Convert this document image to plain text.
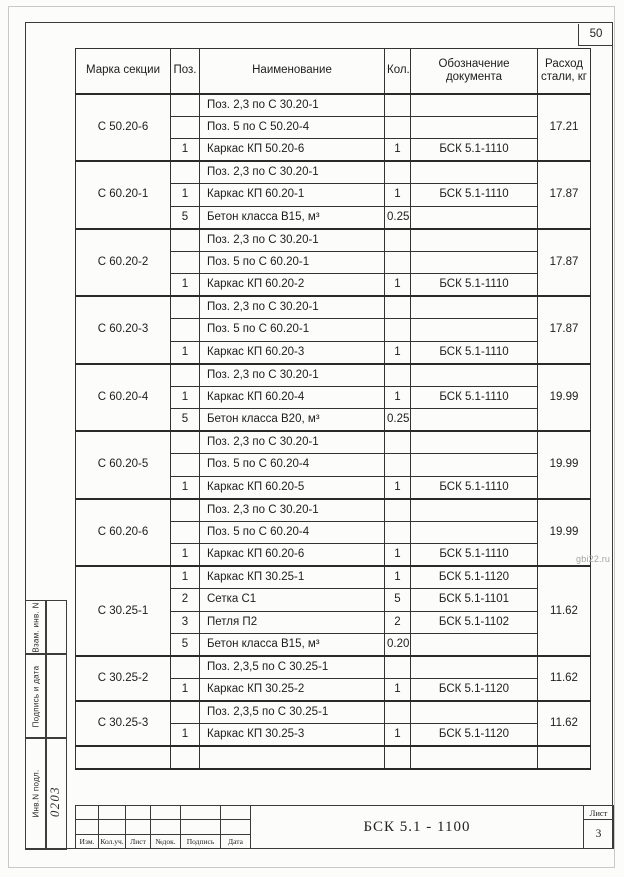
50
Марка секции	Поз.	Наименование	Кол.	Обозначение документа	Расход стали, кг
С 50.20-6		Поз. 2,3 по С 30.20-1			17.21
		Поз. 5 по С 50.20-4			
	1	Каркас КП 50.20-6	1	БСК 5.1-1110	
С 60.20-1		Поз. 2,3 по С 30.20-1			17.87
	1	Каркас КП 60.20-1	1	БСК 5.1-1110	
	5	Бетон класса В15, м³	0.25		
С 60.20-2		Поз. 2,3 по С 30.20-1			17.87
		Поз. 5 по С 60.20-1			
	1	Каркас КП 60.20-2	1	БСК 5.1-1110	
С 60.20-3		Поз. 2,3 по С 30.20-1			17.87
		Поз. 5 по С 60.20-1			
	1	Каркас КП 60.20-3	1	БСК 5.1-1110	
С 60.20-4		Поз. 2,3 по С 30.20-1			19.99
	1	Каркас КП 60.20-4	1	БСК 5.1-1110	
	5	Бетон класса В20, м³	0.25		
С 60.20-5		Поз. 2,3 по С 30.20-1			19.99
		Поз. 5 по С 60.20-4			
	1	Каркас КП 60.20-5	1	БСК 5.1-1110	
С 60.20-6		Поз. 2,3 по С 30.20-1			19.99
		Поз. 5 по С 60.20-4			
	1	Каркас КП 60.20-6	1	БСК 5.1-1110	
С 30.25-1	1	Каркас КП 30.25-1	1	БСК 5.1-1120	11.62
	2	Сетка С1	5	БСК 5.1-1101	
	3	Петля П2	2	БСК 5.1-1102	
	5	Бетон класса В15, м³	0.20		
С 30.25-2		Поз. 2,3,5 по С 30.25-1			11.62
	1	Каркас КП 30.25-2	1	БСК 5.1-1120	
С 30.25-3		Поз. 2,3,5 по С 30.25-1			11.62
	1	Каркас КП 30.25-3	1	БСК 5.1-1120	

Взам. инв. N
Подпись и дата
Инв.N подл. 0203
						БСК 5.1 - 1100	Лист
							3
Изм.	Кол.уч.	Лист	№док.	Подпись	Дата		
gbi22.ru
